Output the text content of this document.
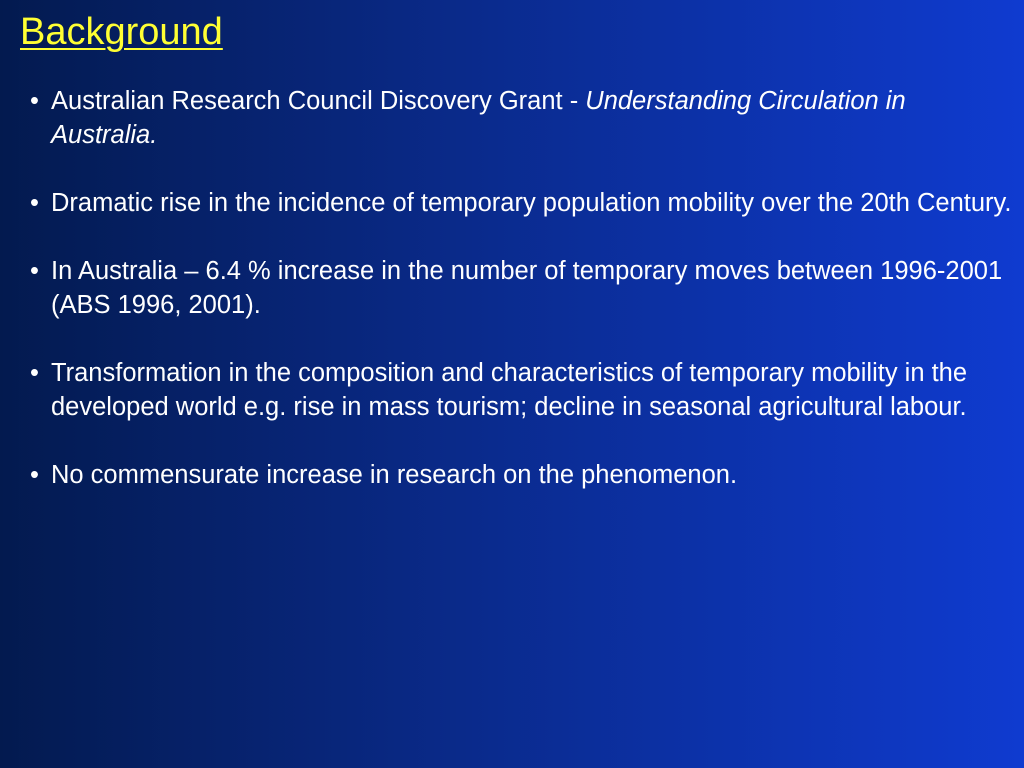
Background
• Australian Research Council Discovery Grant - Understanding Circulation in Australia.
• Dramatic rise in the incidence of temporary population mobility over the 20th Century.
• In Australia – 6.4 % increase in the number of temporary moves between 1996-2001 (ABS 1996, 2001).
• Transformation in the composition and characteristics of temporary mobility in the developed world e.g. rise in mass tourism; decline in seasonal agricultural labour.
• No commensurate increase in research on the phenomenon.
